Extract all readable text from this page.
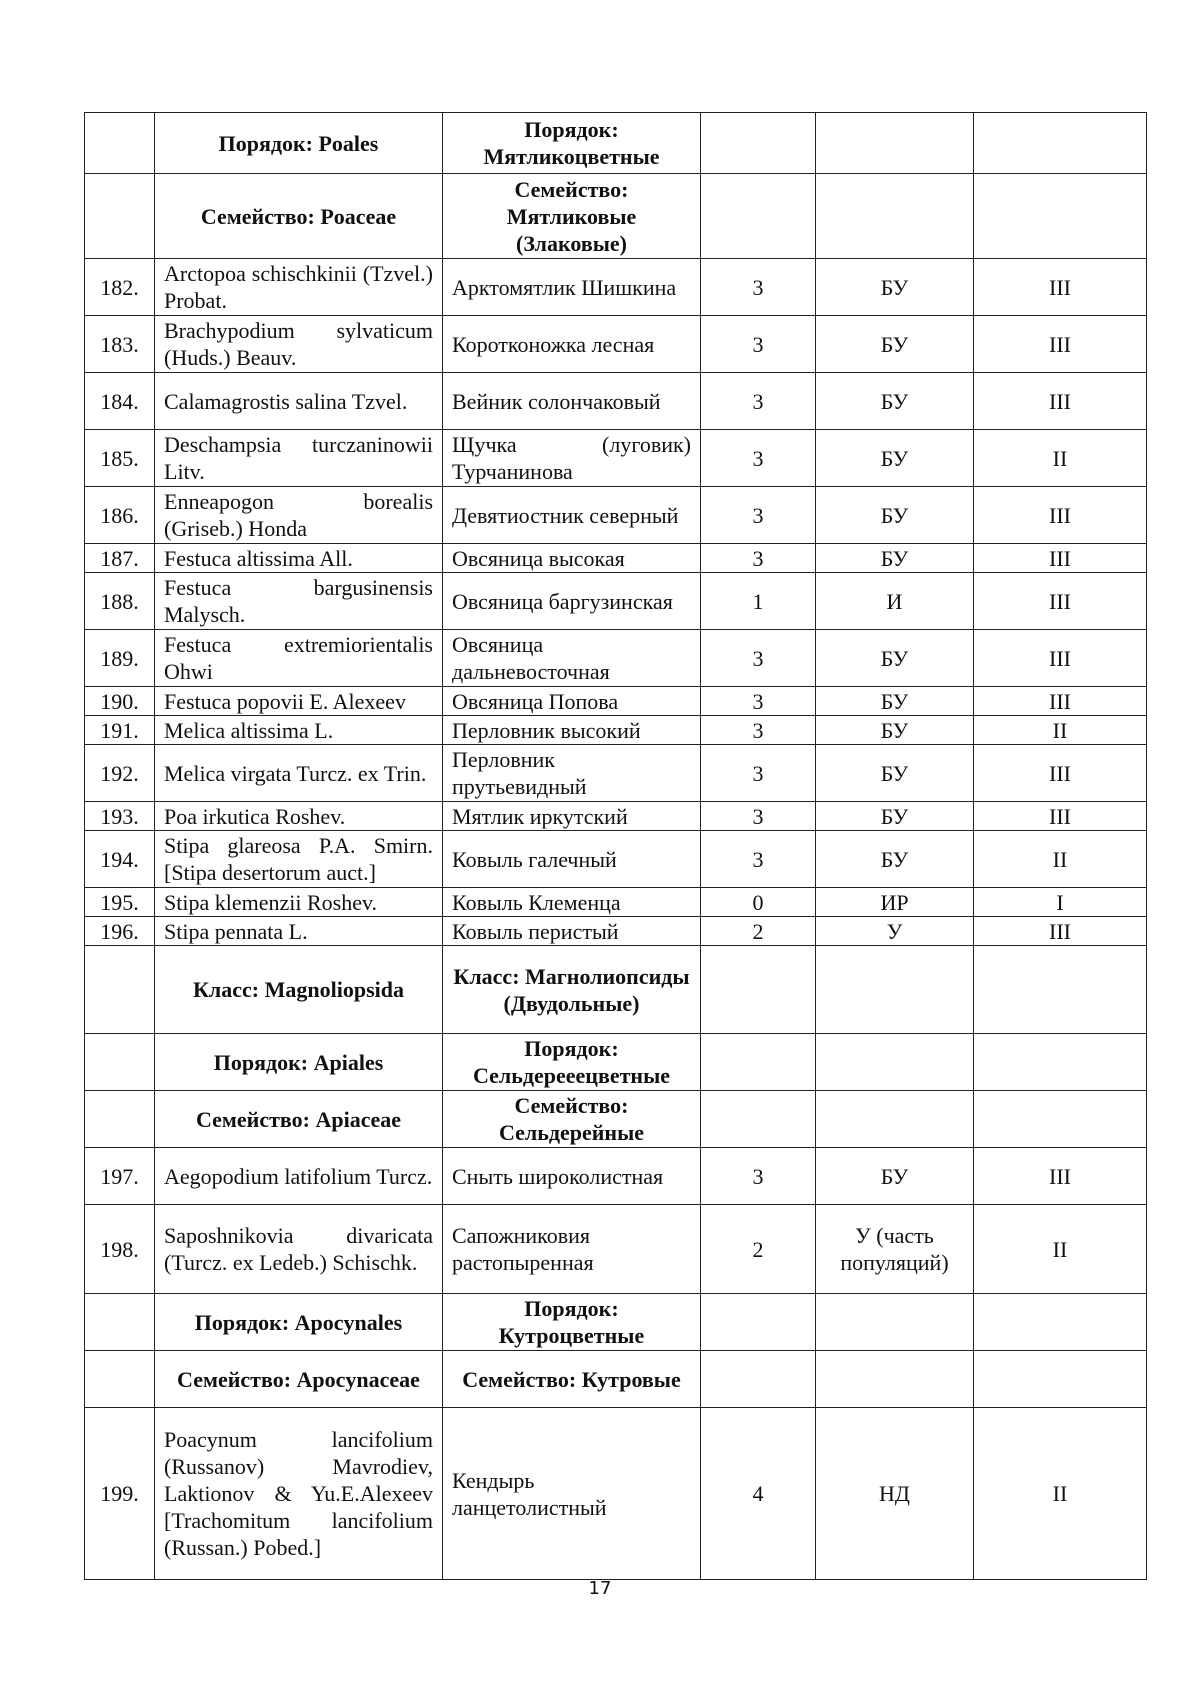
	Порядок: Poales	Порядок: Мятликоцветные			
	Семейство: Poaceae	Семейство: Мятликовые (Злаковые)			
182.	Arctopoa schischkinii (Tzvel.) Probat.	Арктомятлик Шишкина	3	БУ	III
183.	Brachypodium sylvaticum (Huds.) Beauv.	Коротконожка лесная	3	БУ	III
184.	Calamagrostis salina Tzvel.	Вейник солончаковый	3	БУ	III
185.	Deschampsia turczaninowii Litv.	Щучка (луговик) Турчанинова	3	БУ	II
186.	Enneapogon borealis (Griseb.) Honda	Девятиостник северный	3	БУ	III
187.	Festuca altissima All.	Овсяница высокая	3	БУ	III
188.	Festuca bargusinensis Malysch.	Овсяница баргузинская	1	И	III
189.	Festuca extremiorientalis Ohwi	Овсяница дальневосточная	3	БУ	III
190.	Festuca popovii E. Alexeev	Овсяница Попова	3	БУ	III
191.	Melica altissima L.	Перловник высокий	3	БУ	II
192.	Melica virgata Turcz. ex Trin.	Перловник прутьевидный	3	БУ	III
193.	Poa irkutica Roshev.	Мятлик иркутский	3	БУ	III
194.	Stipa glareosa P.A. Smirn. [Stipa desertorum auct.]	Ковыль галечный	3	БУ	II
195.	Stipa klemenzii Roshev.	Ковыль Клеменца	0	ИР	I
196.	Stipa pennata L.	Ковыль перистый	2	У	III
	Класс: Magnoliopsida	Класс: Магнолиопсиды (Двудольные)			
	Порядок: Apiales	Порядок: Сельдерееецветные			
	Семейство: Apiaceae	Семейство: Сельдерейные			
197.	Aegopodium latifolium Turcz.	Сныть широколистная	3	БУ	III
198.	Saposhnikovia divaricata (Turcz. ex Ledeb.) Schischk.	Сапожниковия растопыренная	2	У (часть популяций)	II
	Порядок: Apocynales	Порядок: Кутроцветные			
	Семейство: Apocynaceae	Семейство: Кутровые			
199.	Poacynum lancifolium (Russanov) Mavrodiev, Laktionov & Yu.E.Alexeev [Trachomitum lancifolium (Russan.) Pobed.]	Кендырь ланцетолистный	4	НД	II
17
